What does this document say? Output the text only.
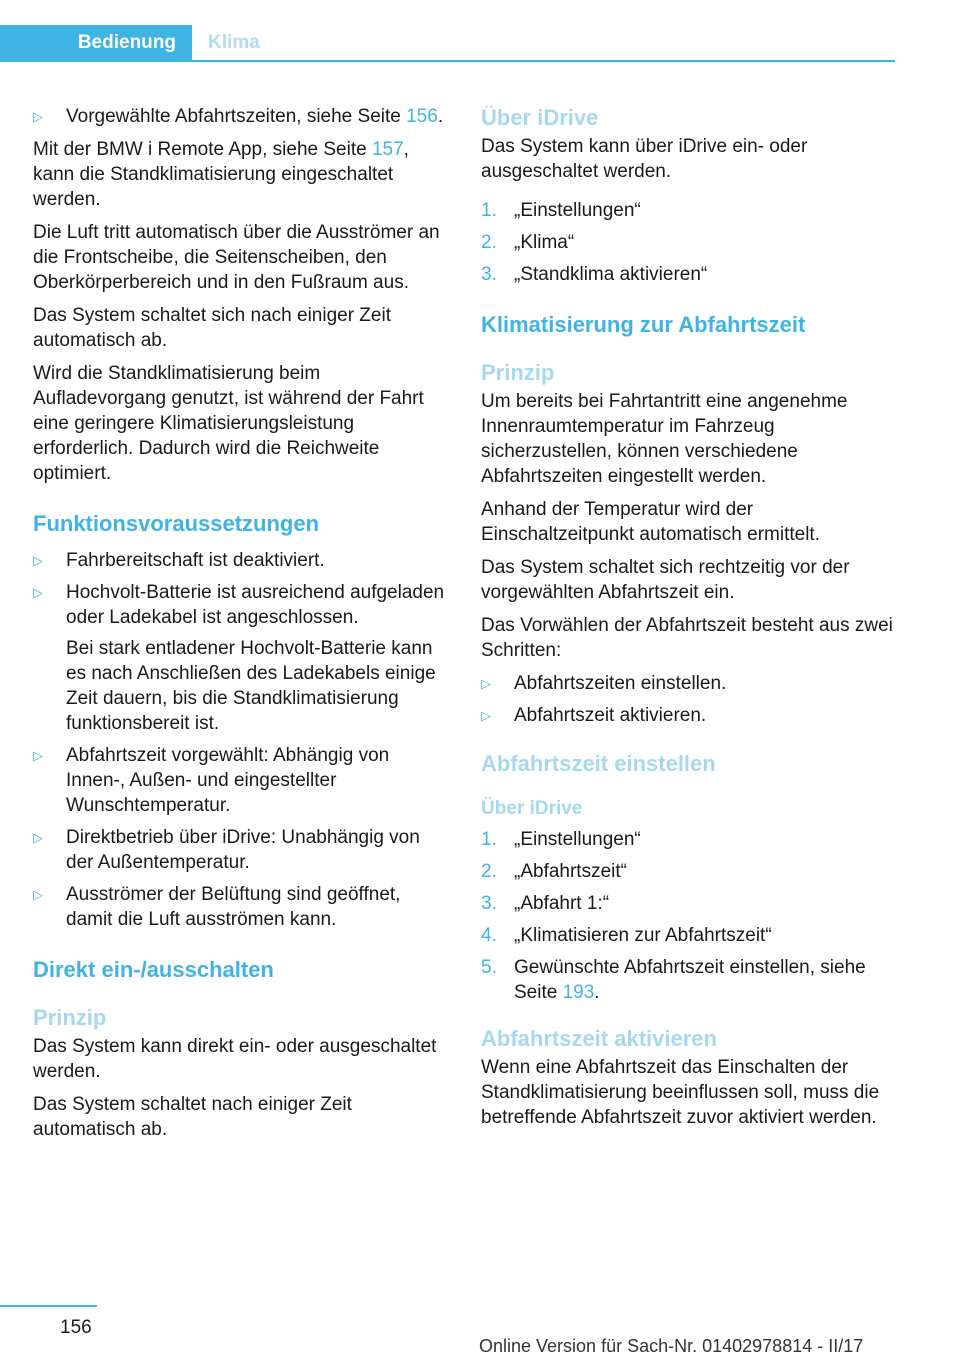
Bedienung	Klima
▷ Vorgewählte Abfahrtszeiten, siehe Seite 156.

Mit der BMW i Remote App, siehe Seite 157, kann die Standklimatisierung eingeschaltet werden.

Die Luft tritt automatisch über die Ausströmer an die Frontscheibe, die Seitenscheiben, den Oberkörperbereich und in den Fußraum aus.

Das System schaltet sich nach einiger Zeit automatisch ab.

Wird die Standklimatisierung beim Aufladevorgang genutzt, ist während der Fahrt eine geringere Klimatisierungsleistung erforderlich. Dadurch wird die Reichweite optimiert.

Funktionsvoraussetzungen
▷ Fahrbereitschaft ist deaktiviert.
▷ Hochvolt-Batterie ist ausreichend aufgeladen oder Ladekabel ist angeschlossen.
Bei stark entladener Hochvolt-Batterie kann es nach Anschließen des Ladekabels einige Zeit dauern, bis die Standklimatisierung funktionsbereit ist.
▷ Abfahrtszeit vorgewählt: Abhängig von Innen-, Außen- und eingestellter Wunschtemperatur.
▷ Direktbetrieb über iDrive: Unabhängig von der Außentemperatur.
▷ Ausströmer der Belüftung sind geöffnet, damit die Luft ausströmen kann.
Direkt ein-/ausschalten
Prinzip

Das System kann direkt ein- oder ausgeschaltet werden.

Das System schaltet nach einiger Zeit automatisch ab.

Über iDrive

Das System kann über iDrive ein- oder ausgeschaltet werden.

1. „Einstellungen“
2. „Klima“
3. „Standklima aktivieren“
Klimatisierung zur Abfahrtszeit
Prinzip

Um bereits bei Fahrtantritt eine angenehme Innenraumtemperatur im Fahrzeug sicherzustellen, können verschiedene Abfahrtszeiten eingestellt werden.

Anhand der Temperatur wird der Einschaltzeitpunkt automatisch ermittelt.

Das System schaltet sich rechtzeitig vor der vorgewählten Abfahrtszeit ein.

Das Vorwählen der Abfahrtszeit besteht aus zwei Schritten:

▷ Abfahrtszeiten einstellen.
▷ Abfahrtszeit aktivieren.
Abfahrtszeit einstellen
Über iDrive
1. „Einstellungen“
2. „Abfahrtszeit“
3. „Abfahrt 1:“
4. „Klimatisieren zur Abfahrtszeit“
5. Gewünschte Abfahrtszeit einstellen, siehe Seite 193.
Abfahrtszeit aktivieren

Wenn eine Abfahrtszeit das Einschalten der Standklimatisierung beeinflussen soll, muss die betreffende Abfahrtszeit zuvor aktiviert werden.

156
Online Version für Sach-Nr. 01402978814 - II/17
